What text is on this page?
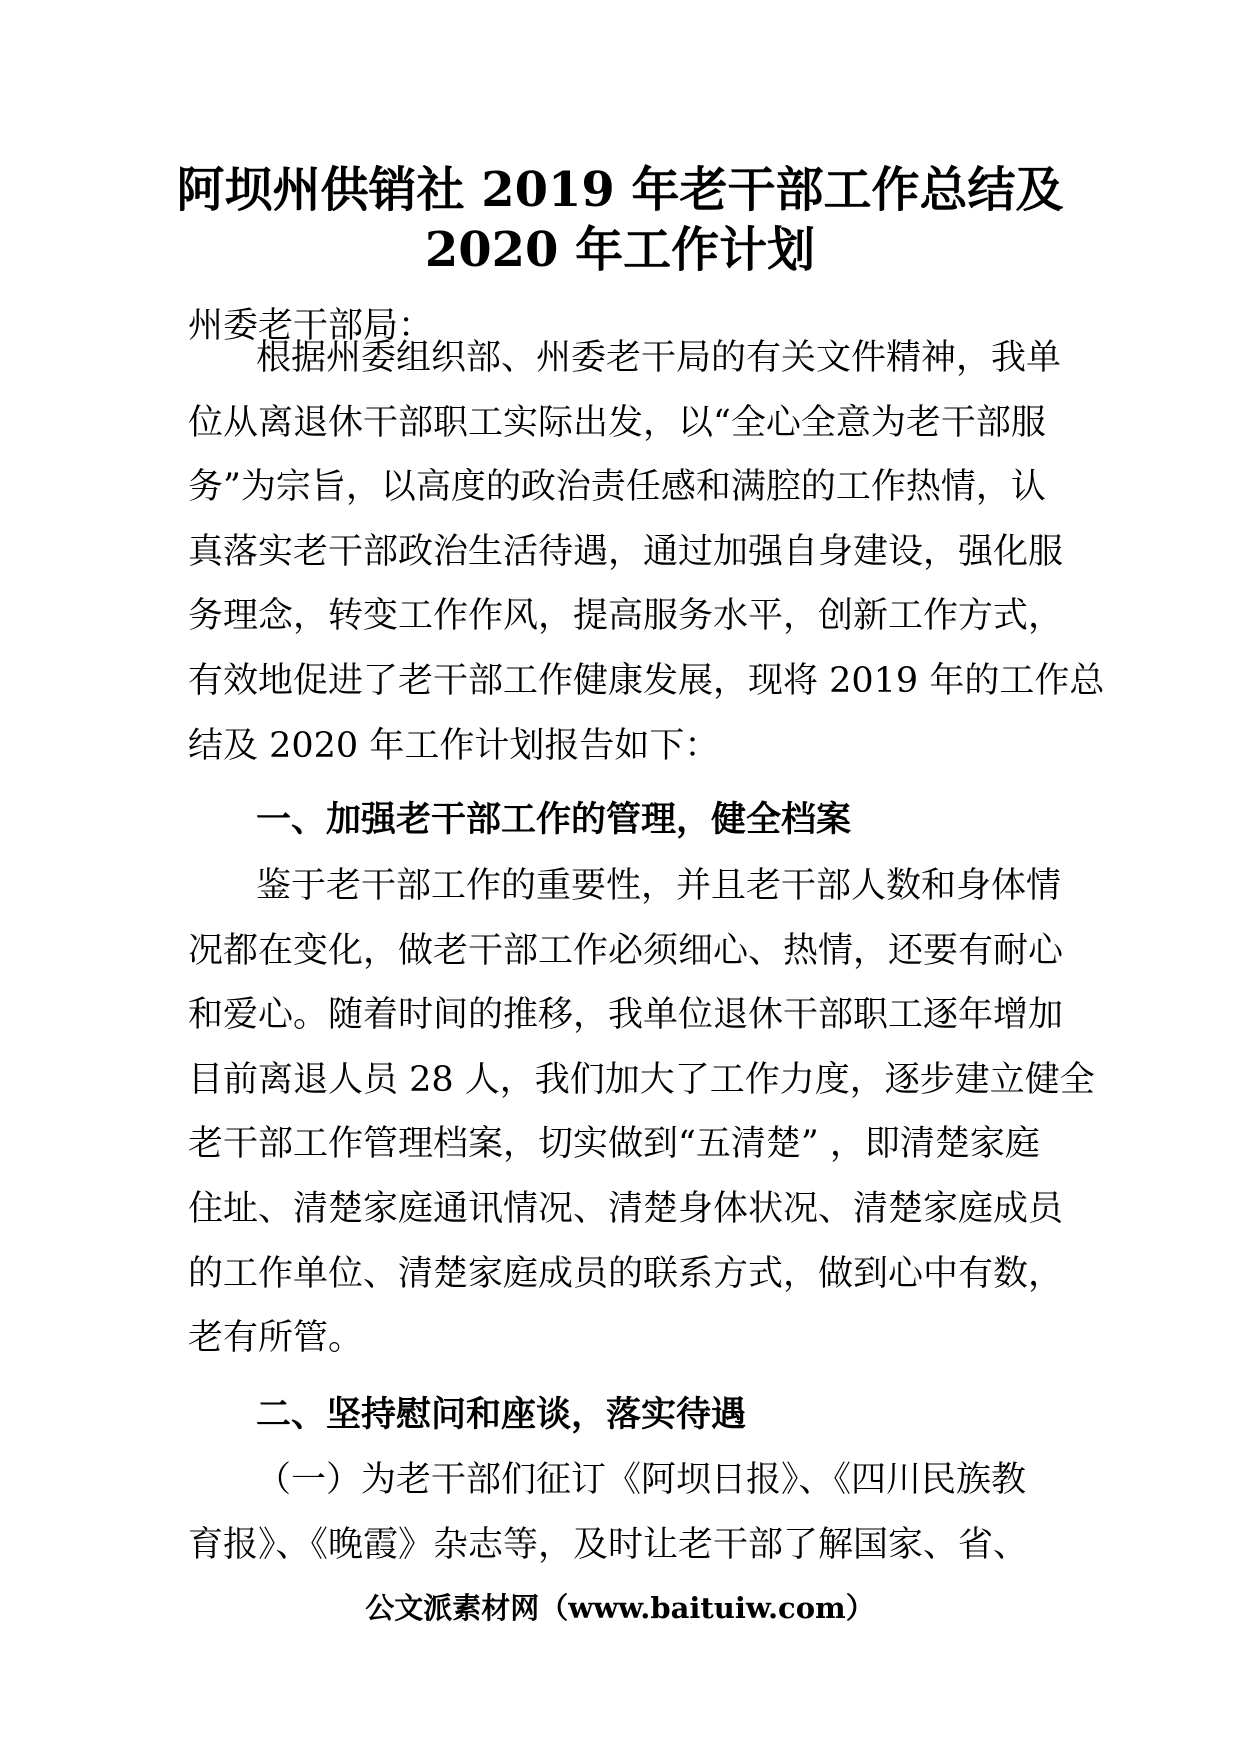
阿坝州供销社 2019 年老干部工作总结及
2020 年工作计划

州委老干部局：

根据州委组织部、州委老干局的有关文件精神，我单
位从离退休干部职工实际出发，以“全心全意为老干部服
务”为宗旨，以高度的政治责任感和满腔的工作热情，认
真落实老干部政治生活待遇，通过加强自身建设，强化服
务理念，转变工作作风，提高服务水平，创新工作方式，
有效地促进了老干部工作健康发展，现将 2019 年的工作总
结及 2020 年工作计划报告如下：

一、加强老干部工作的管理，健全档案

鉴于老干部工作的重要性，并且老干部人数和身体情
况都在变化，做老干部工作必须细心、热情，还要有耐心
和爱心。随着时间的推移，我单位退休干部职工逐年增加
目前离退人员 28 人，我们加大了工作力度，逐步建立健全
老干部工作管理档案，切实做到“五清楚” ，即清楚家庭
住址、清楚家庭通讯情况、清楚身体状况、清楚家庭成员
的工作单位、清楚家庭成员的联系方式，做到心中有数，
老有所管。

二、坚持慰问和座谈，落实待遇

（一）为老干部们征订《阿坝日报》、《四川民族教
育报》、《晚霞》杂志等，及时让老干部了解国家、省、

公文派素材网（www.baituiw.com）
